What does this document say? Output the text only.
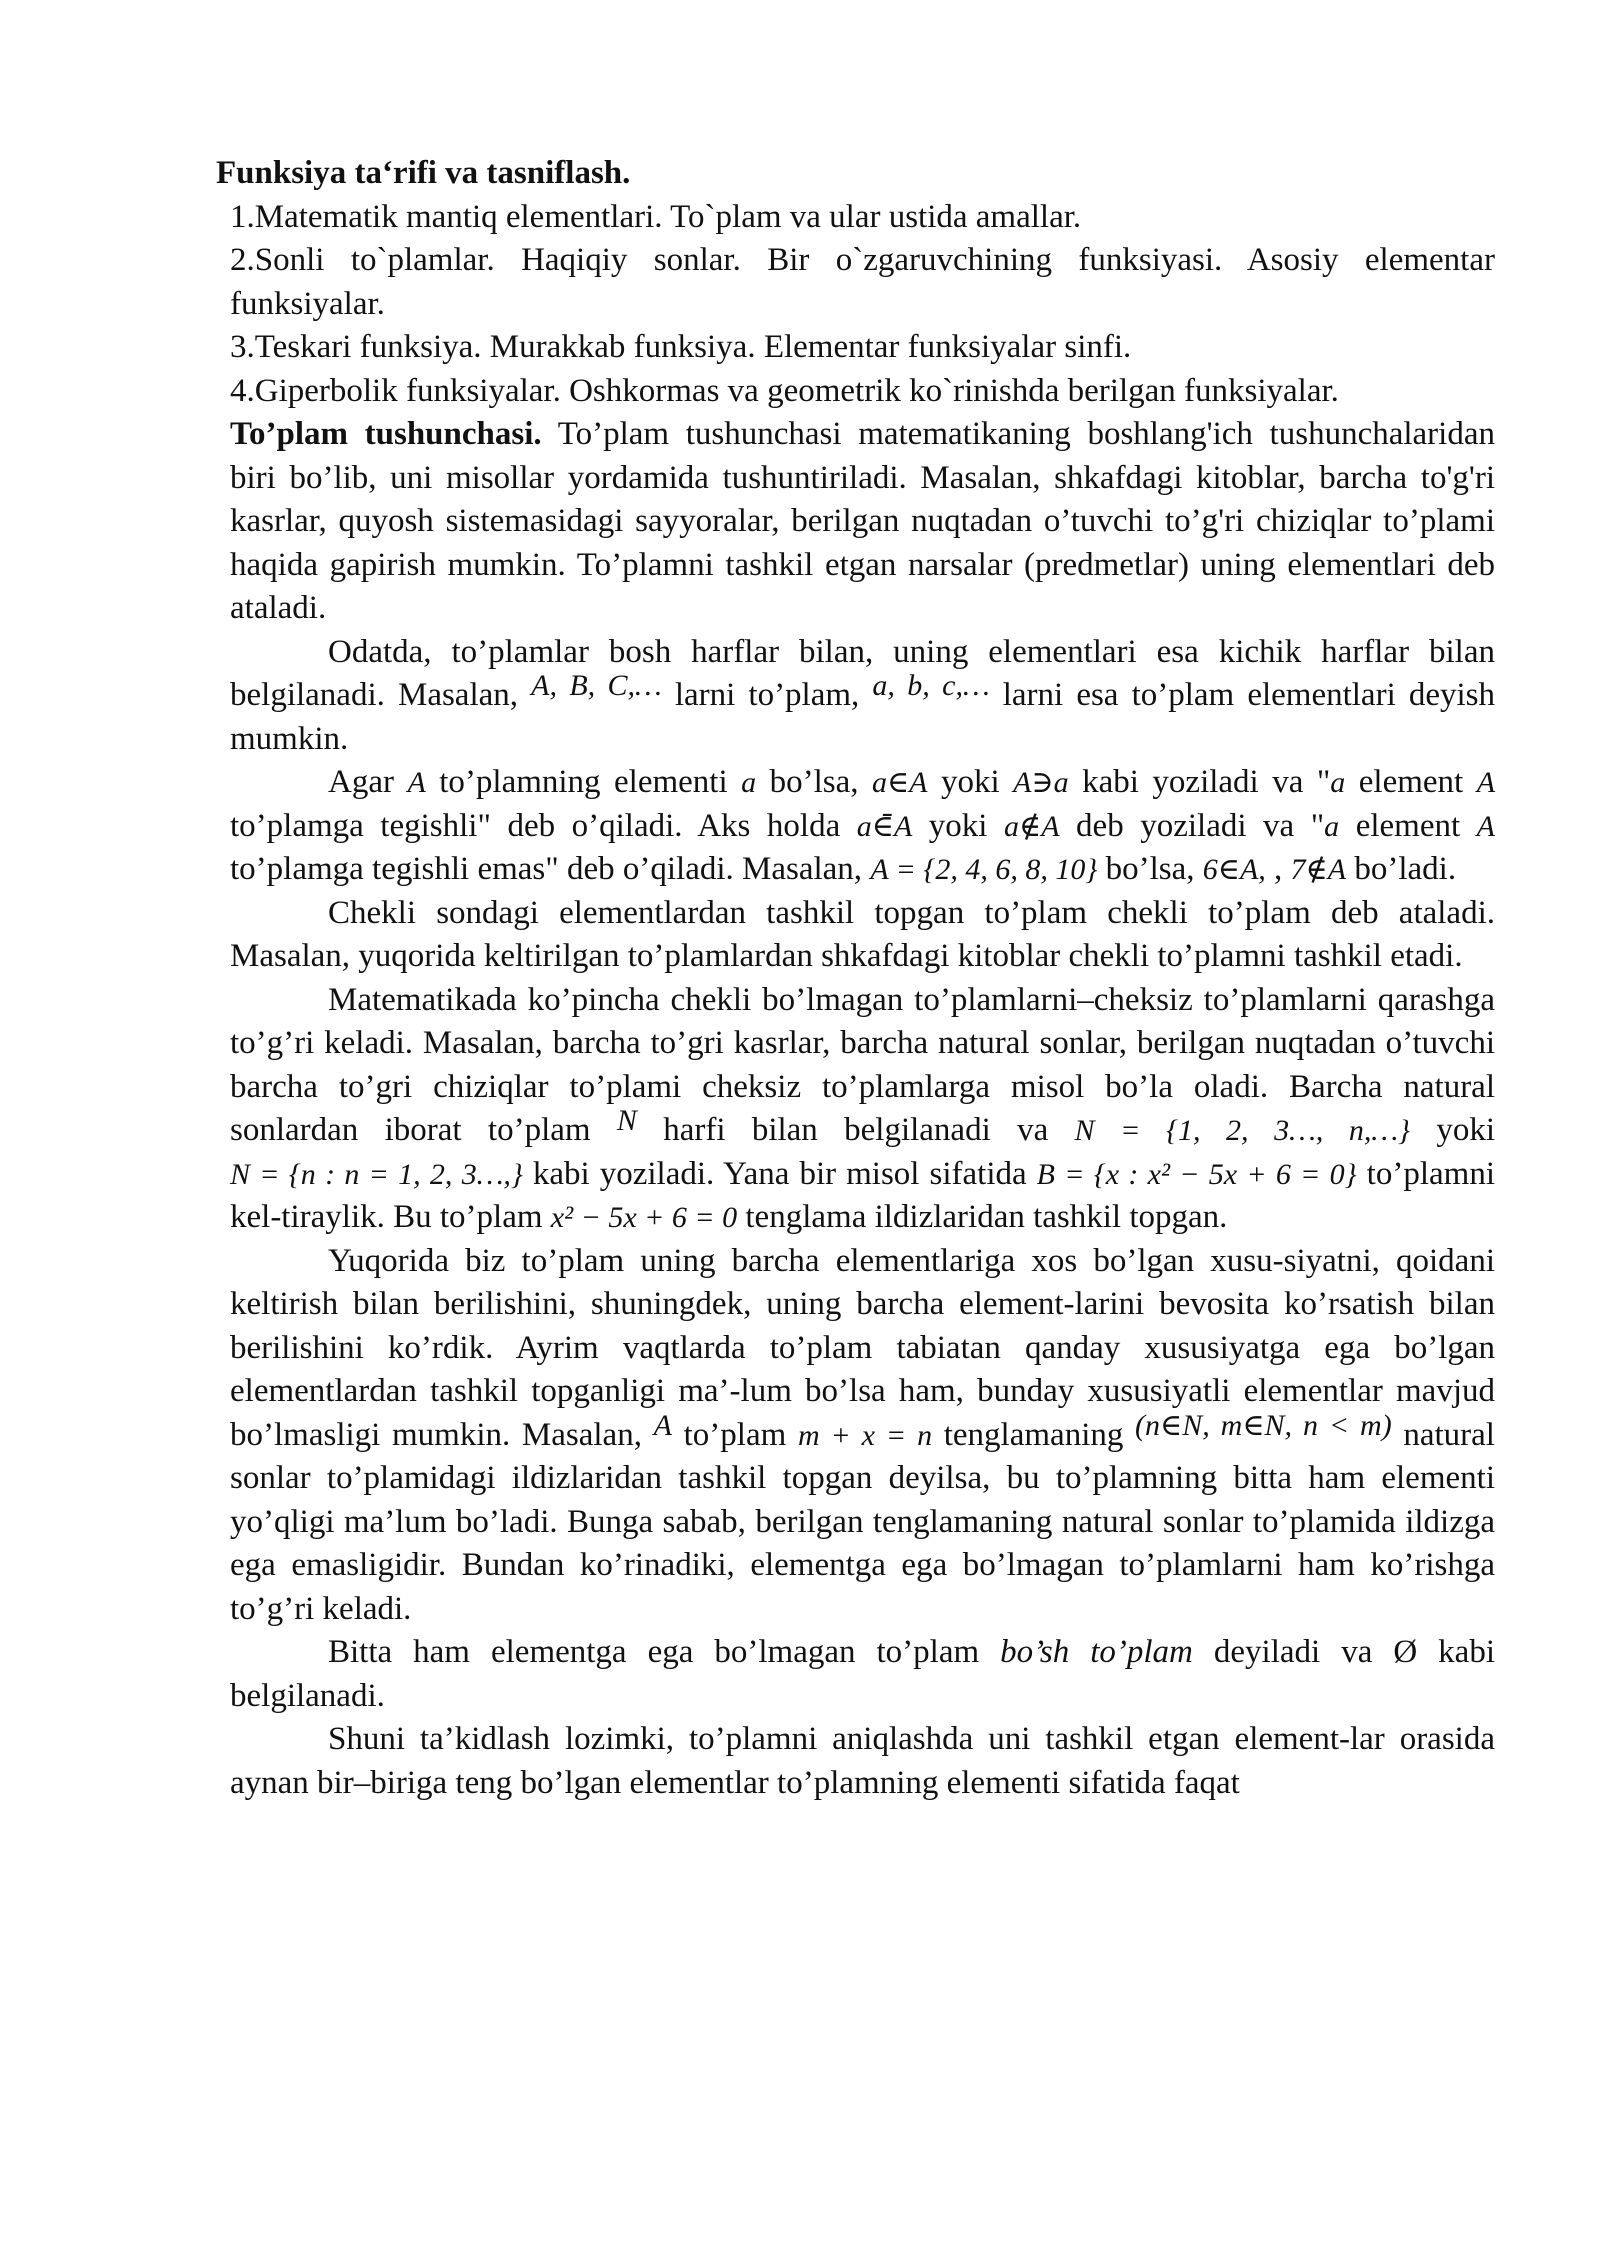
Funksiya ta‘rifi va tasniflash.
1.Matematik mantiq elementlari. To`plam va ular ustida amallar.
2.Sonli to`plamlar. Haqiqiy sonlar. Bir o`zgaruvchining funksiyasi. Asosiy elementar funksiyalar.
3.Teskari funksiya. Murakkab funksiya. Elementar funksiyalar sinfi.
4.Giperbolik funksiyalar. Oshkormas va geometrik ko`rinishda berilgan funksiyalar.

To’plam tushunchasi. To’plam tushunchasi matematikaning boshlang'ich tushunchalaridan biri bo’lib, uni misollar yordamida tushuntiriladi. Masalan, shkafdagi kitoblar, barcha to'g'ri kasrlar, quyosh sistemasidagi sayyoralar, berilgan nuqtadan o’tuvchi to’g'ri chiziqlar to’plami haqida gapirish mumkin. To’plamni tashkil etgan narsalar (predmetlar) uning elementlari deb ataladi.

Odatda, to’plamlar bosh harflar bilan, uning elementlari esa kichik harflar bilan belgilanadi. Masalan, A, B, C,… larni to’plam, a, b, c,… larni esa to’plam elementlari deyish mumkin.

Agar A to’plamning elementi a bo’lsa, a∈A yoki A∋a kabi yoziladi va "a element A to’plamga tegishli" deb o’qiladi. Aks holda a∈̄A yoki a∉A deb yoziladi va "a element A to’plamga tegishli emas" deb o’qiladi. Masalan, A = {2, 4, 6, 8, 10} bo’lsa, 6∈A, , 7∉A bo’ladi.

Chekli sondagi elementlardan tashkil topgan to’plam chekli to’plam deb ataladi. Masalan, yuqorida keltirilgan to’plamlardan shkafdagi kitoblar chekli to’plamni tashkil etadi.

Matematikada ko’pincha chekli bo’lmagan to’plamlarni–cheksiz to’plamlarni qarashga to’g’ri keladi. Masalan, barcha to’gri kasrlar, barcha natural sonlar, berilgan nuqtadan o’tuvchi barcha to’gri chiziqlar to’plami cheksiz to’plamlarga misol bo’la oladi. Barcha natural sonlardan iborat to’plam N harfi bilan belgilanadi va N = {1, 2, 3…, n,…} yoki N = {n : n = 1, 2, 3…,} kabi yoziladi. Yana bir misol sifatida B = {x : x² − 5x + 6 = 0} to’plamni kel-tiraylik. Bu to’plam x² − 5x + 6 = 0 tenglama ildizlaridan tashkil topgan.

Yuqorida biz to’plam uning barcha elementlariga xos bo’lgan xusu-siyatni, qoidani keltirish bilan berilishini, shuningdek, uning barcha element-larini bevosita ko’rsatish bilan berilishini ko’rdik. Ayrim vaqtlarda to’plam tabiatan qanday xususiyatga ega bo’lgan elementlardan tashkil topganligi ma’-lum bo’lsa ham, bunday xususiyatli elementlar mavjud bo’lmasligi mumkin. Masalan, A to’plam m + x = n tenglamaning (n∈N, m∈N, n < m) natural sonlar to’plamidagi ildizlaridan tashkil topgan deyilsa, bu to’plamning bitta ham elementi yo’qligi ma’lum bo’ladi. Bunga sabab, berilgan tenglamaning natural sonlar to’plamida ildizga ega emasligidir. Bundan ko’rinadiki, elementga ega bo’lmagan to’plamlarni ham ko’rishga to’g’ri keladi.

Bitta ham elementga ega bo’lmagan to’plam bo’sh to’plam deyiladi va Ø kabi belgilanadi.

Shuni ta’kidlash lozimki, to’plamni aniqlashda uni tashkil etgan element-lar orasida aynan bir–biriga teng bo’lgan elementlar to’plamning elementi sifatida faqat
